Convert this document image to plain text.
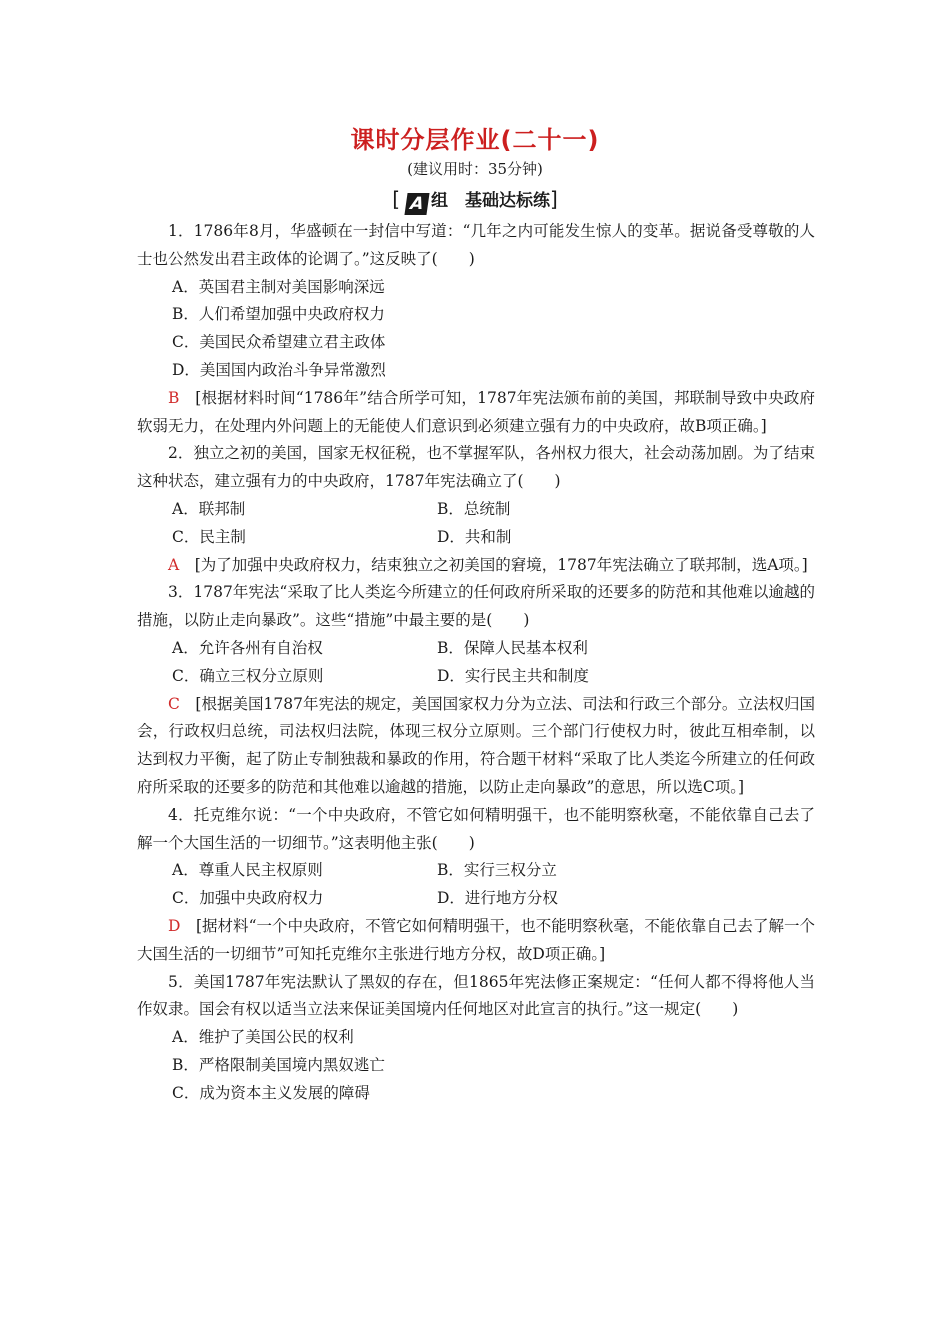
课时分层作业(二十一)
(建议用时：35分钟)
[ A 组　基础达标练]

1．1786年8月，华盛顿在一封信中写道：“几年之内可能发生惊人的变革。据说备受尊敬的人士也公然发出君主政体的论调了。”这反映了(　　)

A．英国君主制对美国影响深远

B．人们希望加强中央政府权力

C．美国民众希望建立君主政体

D．美国国内政治斗争异常激烈

B　[根据材料时间“1786年”结合所学可知，1787年宪法颁布前的美国，邦联制导致中央政府软弱无力，在处理内外问题上的无能使人们意识到必须建立强有力的中央政府，故B项正确。]

2．独立之初的美国，国家无权征税，也不掌握军队，各州权力很大，社会动荡加剧。为了结束这种状态，建立强有力的中央政府，1787年宪法确立了(　　)

A．联邦制	B．总统制
C．民主制	D．共和制

A　[为了加强中央政府权力，结束独立之初美国的窘境，1787年宪法确立了联邦制，选A项。]

3．1787年宪法“采取了比人类迄今所建立的任何政府所采取的还要多的防范和其他难以逾越的措施，以防止走向暴政”。这些“措施”中最主要的是(　　)

A．允许各州有自治权	B．保障人民基本权利
C．确立三权分立原则	D．实行民主共和制度

C　[根据美国1787年宪法的规定，美国国家权力分为立法、司法和行政三个部分。立法权归国会，行政权归总统，司法权归法院，体现三权分立原则。三个部门行使权力时，彼此互相牵制，以达到权力平衡，起了防止专制独裁和暴政的作用，符合题干材料“采取了比人类迄今所建立的任何政府所采取的还要多的防范和其他难以逾越的措施，以防止走向暴政”的意思，所以选C项。]

4．托克维尔说：“一个中央政府，不管它如何精明强干，也不能明察秋毫，不能依靠自己去了解一个大国生活的一切细节。”这表明他主张(　　)

A．尊重人民主权原则	B．实行三权分立
C．加强中央政府权力	D．进行地方分权

D　[据材料“一个中央政府，不管它如何精明强干，也不能明察秋毫，不能依靠自己去了解一个大国生活的一切细节”可知托克维尔主张进行地方分权，故D项正确。]

5．美国1787年宪法默认了黑奴的存在，但1865年宪法修正案规定：“任何人都不得将他人当作奴隶。国会有权以适当立法来保证美国境内任何地区对此宣言的执行。”这一规定(　　)

A．维护了美国公民的权利

B．严格限制美国境内黑奴逃亡

C．成为资本主义发展的障碍
